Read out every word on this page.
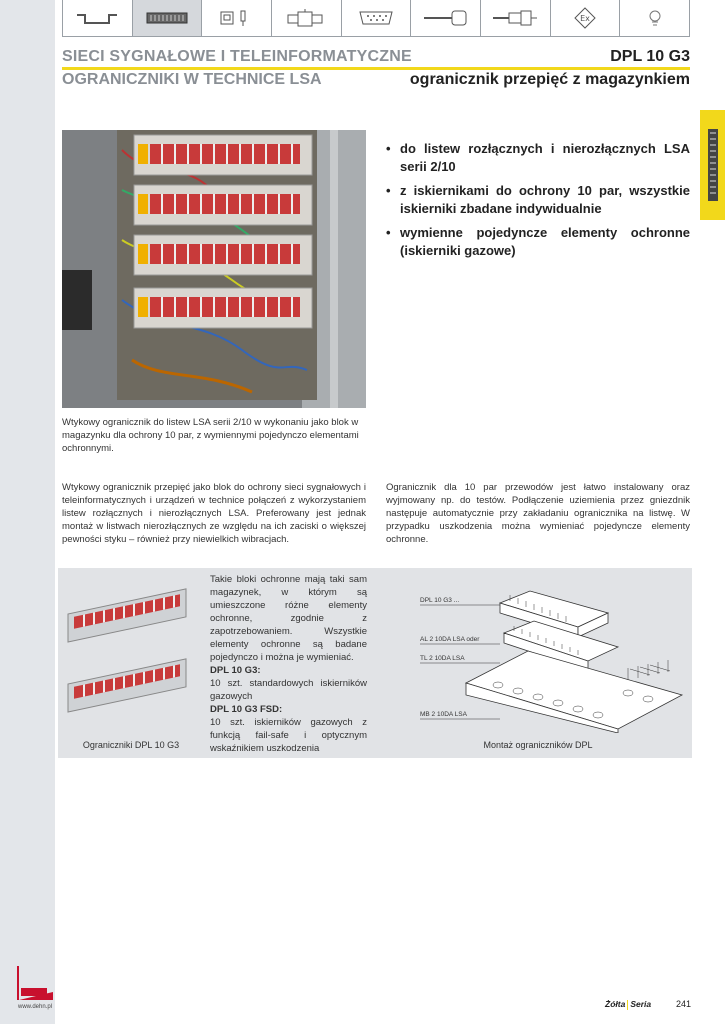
Ex
SIECI SYGNAŁOWE I TELEINFORMATYCZNE	DPL 10 G3
OGRANICZNIKI W TECHNICE LSA	ogranicznik przepięć z magazynkiem
• do listew rozłącznych i nierozłącznych LSA serii 2/10
• z iskiernikami do ochrony 10 par, wszystkie iskierniki zbadane indywidualnie
• wymienne pojedyncze elementy ochronne (iskierniki gazowe)
Wtykowy ogranicznik do listew LSA serii 2/10 w wykonaniu jako blok w magazynku dla ochrony 10 par, z wymiennymi pojedynczo elementami ochronnymi.
Wtykowy ogranicznik przepięć jako blok do ochrony sieci sygnałowych i teleinformatycznych i urządzeń w technice połączeń z wykorzystaniem listew rozłącznych i nierozłącznych LSA. Preferowany jest jednak montaż w listwach nierozłącznych ze względu na ich zaciski o większej pewności styku – również przy niewielkich wibracjach.
Ogranicznik dla 10 par przewodów jest łatwo instalowany oraz wyjmowany np. do testów. Podłączenie uziemienia przez gniezdnik następuje automatycznie przy zakładaniu ogranicznika na listwę. W przypadku uszkodzenia można wymieniać pojedyncze elementy ochronne.
Ograniczniki DPL 10 G3
Takie bloki ochronne mają taki sam magazynek, w którym są umieszczone różne elementy ochronne, zgodnie z zapotrzebowaniem. Wszystkie elementy ochronne są badane pojedynczo i można je wymieniać.
DPL 10 G3:
10 szt. standardowych iskierników gazowych
DPL 10 G3 FSD:
10 szt. iskierników gazowych z funkcją fail-safe i optycznym wskaźnikiem uszkodzenia
DPL 10 G3 ...
AL 2 10DA LSA oder
TL 2 10DA LSA
MB 2 10DA LSA
Montaż ograniczników DPL
www.dehn.pl	Żółta Seria	241
